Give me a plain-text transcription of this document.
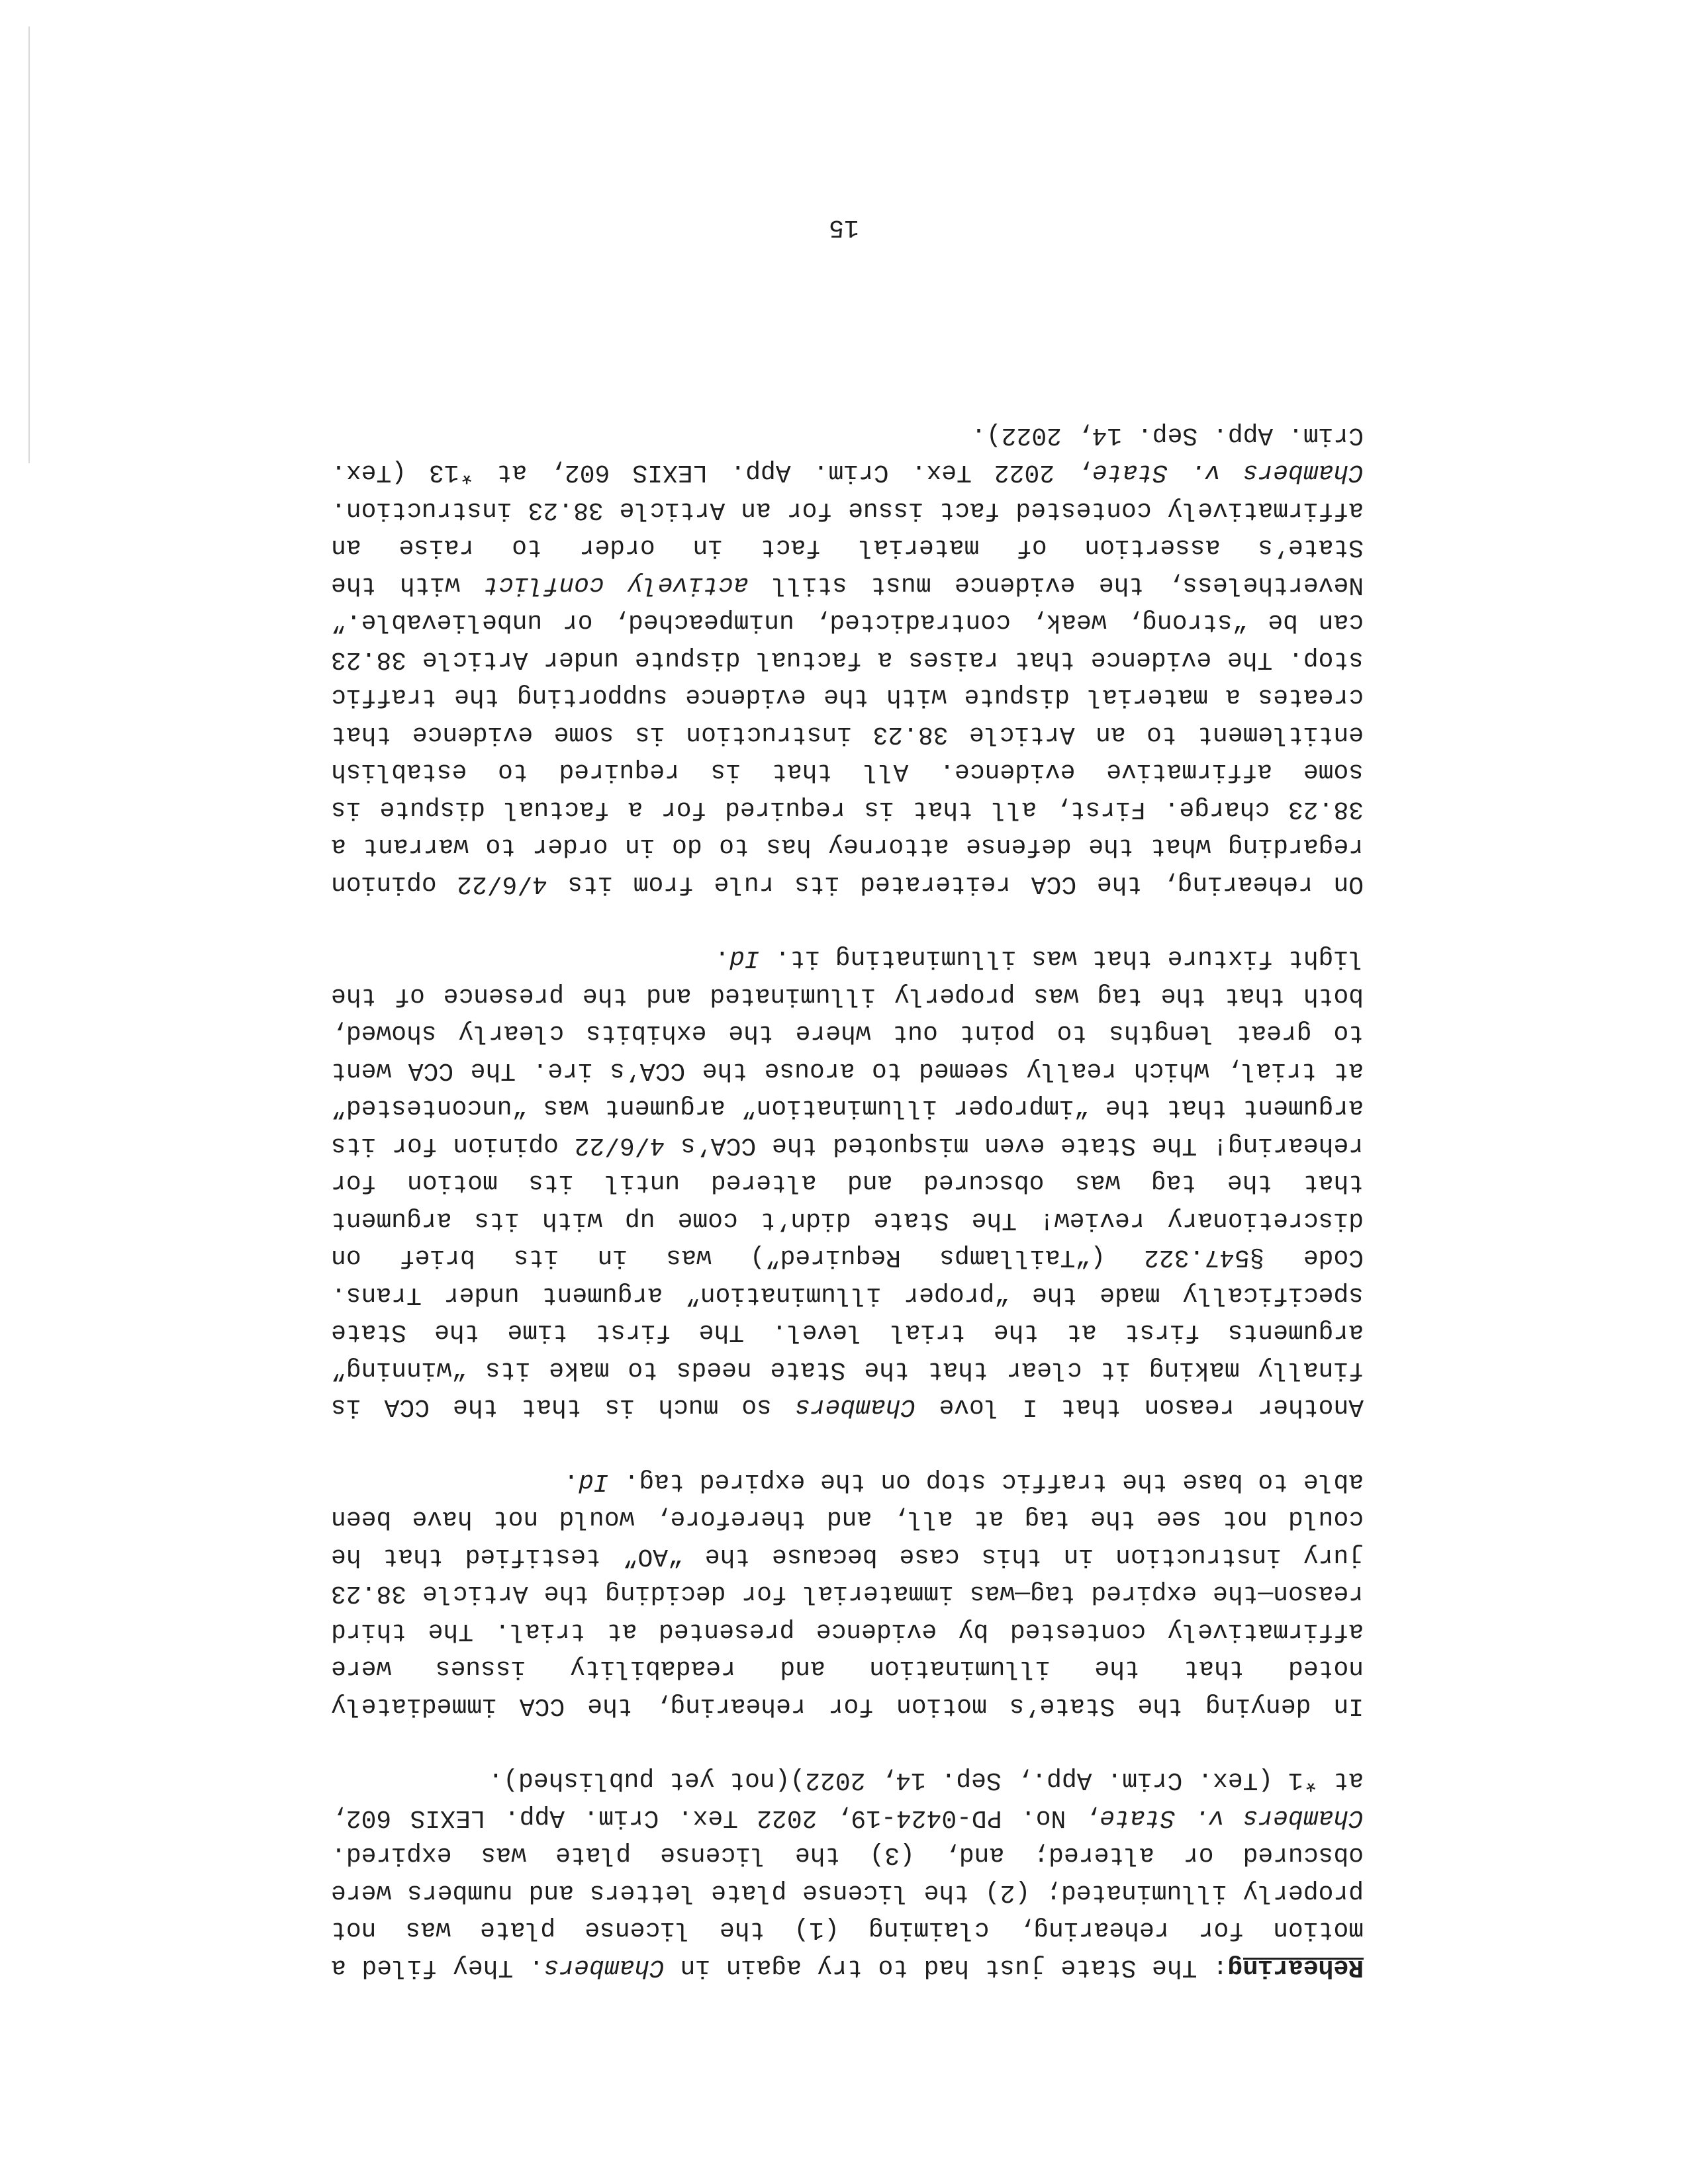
Rehearing: The State just had to try again in Chambers. They filed a motion for rehearing, claiming (1) the license plate was not properly illuminated; (2) the license plate letters and numbers were obscured or altered; and, (3) the license plate was expired. Chambers v. State, No. PD-0424-19, 2022 Tex. Crim. App. LEXIS 602, at *1 (Tex. Crim. App., Sep. 14, 2022)(not yet published).

In denying the State’s motion for rehearing, the CCA immediately noted that the illumination and readability issues were affirmatively contested by evidence presented at trial. The third reason—the expired tag—was immaterial for deciding the Article 38.23 jury instruction in this case because the “AO” testified that he could not see the tag at all, and therefore, would not have been able to base the traffic stop on the expired tag. Id.

Another reason that I love Chambers so much is that the CCA is finally making it clear that the State needs to make its “winning” arguments first at the trial level. The first time the State specifically made the “proper illumination” argument under Trans. Code §547.322 (“Taillamps Required”) was in its brief on discretionary review! The State didn’t come up with its argument that the tag was obscured and altered until its motion for rehearing! The State even misquoted the CCA’s 4/6/22 opinion for its argument that the “improper illumination” argument was “uncontested” at trial, which really seemed to arouse the CCA’s ire. The CCA went to great lengths to point out where the exhibits clearly showed, both that the tag was properly illuminated and the presence of the light fixture that was illuminating it. Id.

On rehearing, the CCA reiterated its rule from its 4/6/22 opinion regarding what the defense attorney has to do in order to warrant a 38.23 charge. First, all that is required for a factual dispute is some affirmative evidence. All that is required to establish entitlement to an Article 38.23 instruction is some evidence that creates a material dispute with the evidence supporting the traffic stop. The evidence that raises a factual dispute under Article 38.23 can be “strong, weak, contradicted, unimpeached, or unbelievable.” Nevertheless, the evidence must still actively conflict with the State’s assertion of material fact in order to raise an affirmatively contested fact issue for an Article 38.23 instruction. Chambers v. State, 2022 Tex. Crim. App. LEXIS 602, at *13 (Tex. Crim. App. Sep. 14, 2022).

15
